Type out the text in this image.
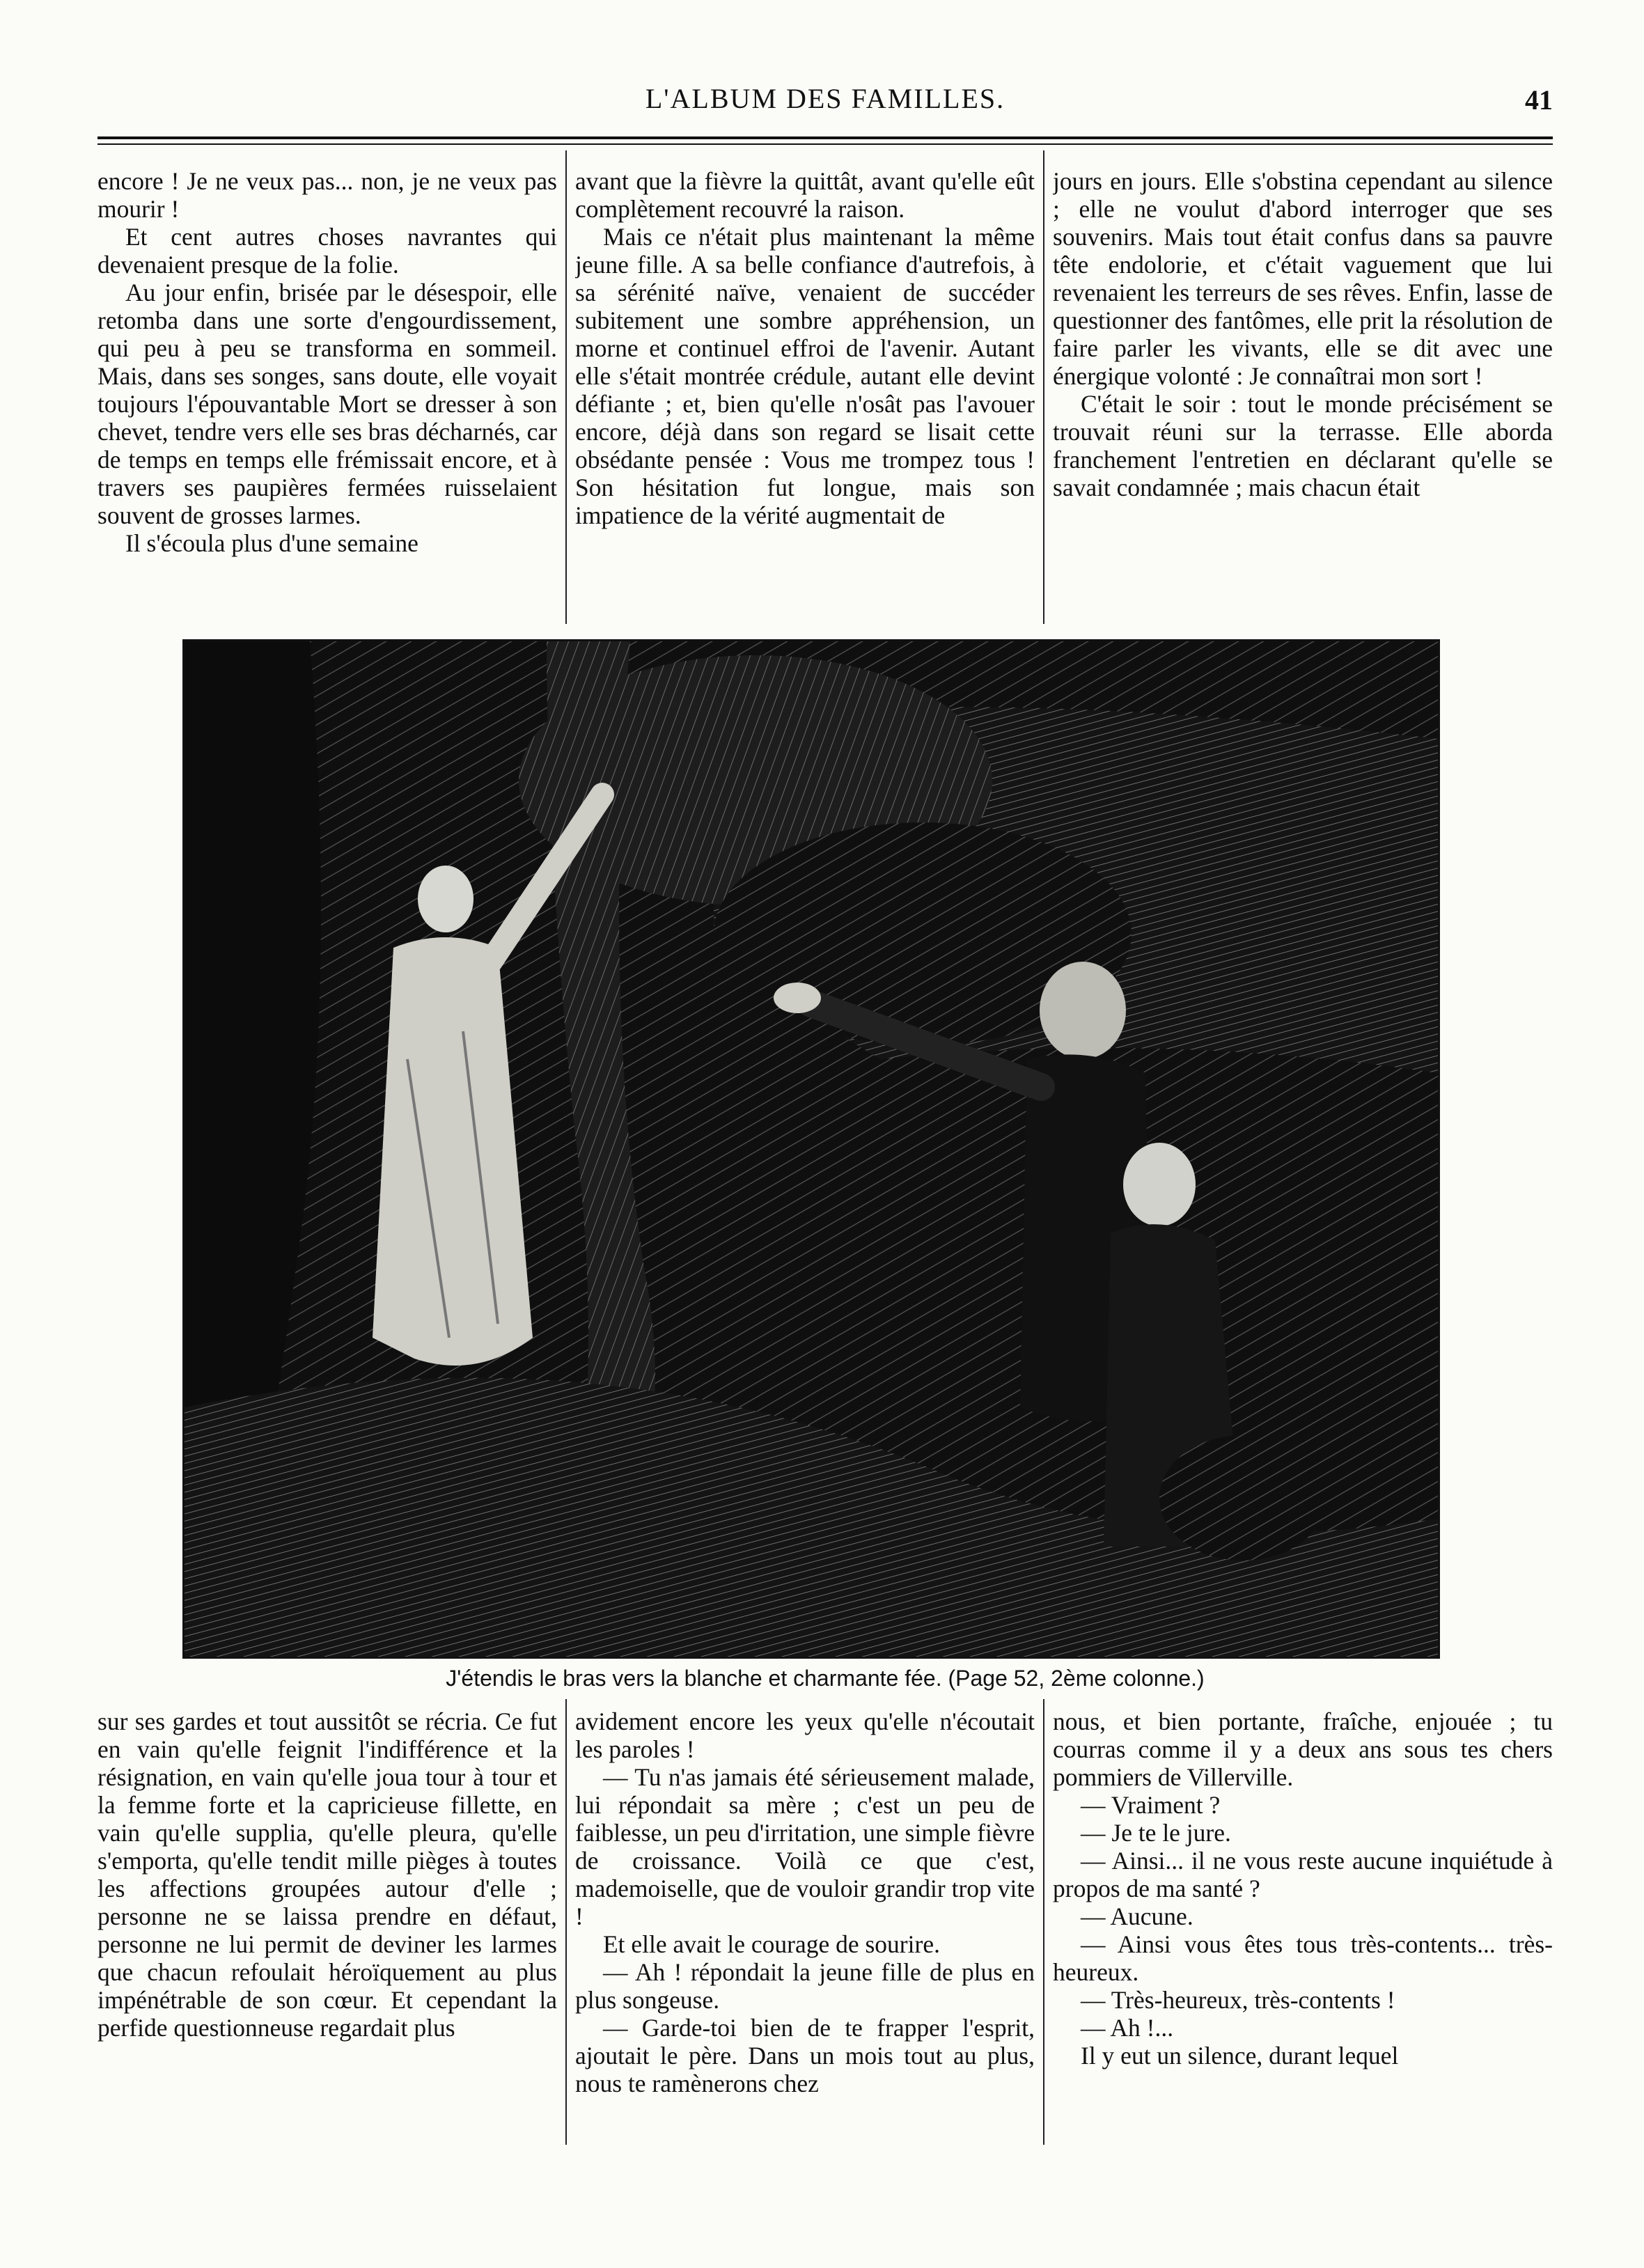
L'ALBUM DES FAMILLES.	41

encore ! Je ne veux pas... non, je ne veux pas mourir !

Et cent autres choses navrantes qui devenaient presque de la folie.

Au jour enfin, brisée par le désespoir, elle retomba dans une sorte d'engourdissement, qui peu à peu se transforma en sommeil. Mais, dans ses songes, sans doute, elle voyait toujours l'épouvantable Mort se dresser à son chevet, tendre vers elle ses bras décharnés, car de temps en temps elle frémissait encore, et à travers ses paupières fermées ruisselaient souvent de grosses larmes.

Il s'écoula plus d'une semaine

avant que la fièvre la quittât, avant qu'elle eût complètement recouvré la raison.

Mais ce n'était plus maintenant la même jeune fille. A sa belle confiance d'autrefois, à sa sérénité naïve, venaient de succéder subitement une sombre appréhension, un morne et continuel effroi de l'avenir. Autant elle s'était montrée crédule, autant elle devint défiante ; et, bien qu'elle n'osât pas l'avouer encore, déjà dans son regard se lisait cette obsédante pensée : Vous me trompez tous ! Son hésitation fut longue, mais son impatience de la vérité augmentait de

jours en jours. Elle s'obstina cependant au silence ; elle ne voulut d'abord interroger que ses souvenirs. Mais tout était confus dans sa pauvre tête endolorie, et c'était vaguement que lui revenaient les terreurs de ses rêves. Enfin, lasse de questionner des fantômes, elle prit la résolution de faire parler les vivants, elle se dit avec une énergique volonté : Je connaîtrai mon sort !

C'était le soir : tout le monde précisément se trouvait réuni sur la terrasse. Elle aborda franchement l'entretien en déclarant qu'elle se savait condamnée ; mais chacun était

J'étendis le bras vers la blanche et charmante fée. (Page 52, 2ème colonne.)

sur ses gardes et tout aussitôt se récria. Ce fut en vain qu'elle feignit l'indifférence et la résignation, en vain qu'elle joua tour à tour et la femme forte et la capricieuse fillette, en vain qu'elle supplia, qu'elle pleura, qu'elle s'emporta, qu'elle tendit mille pièges à toutes les affections groupées autour d'elle ; personne ne se laissa prendre en défaut, personne ne lui permit de deviner les larmes que chacun refoulait héroïquement au plus impénétrable de son cœur. Et cependant la perfide questionneuse regardait plus

avidement encore les yeux qu'elle n'écoutait les paroles !

— Tu n'as jamais été sérieusement malade, lui répondait sa mère ; c'est un peu de faiblesse, un peu d'irritation, une simple fièvre de croissance. Voilà ce que c'est, mademoiselle, que de vouloir grandir trop vite !

Et elle avait le courage de sourire.

— Ah ! répondait la jeune fille de plus en plus songeuse.

— Garde-toi bien de te frapper l'esprit, ajoutait le père. Dans un mois tout au plus, nous te ramènerons chez

nous, et bien portante, fraîche, enjouée ; tu courras comme il y a deux ans sous tes chers pommiers de Villerville.

— Vraiment ?

— Je te le jure.

— Ainsi... il ne vous reste aucune inquiétude à propos de ma santé ?

— Aucune.

— Ainsi vous êtes tous très-contents... très-heureux.

— Très-heureux, très-contents !

— Ah !...

Il y eut un silence, durant lequel
